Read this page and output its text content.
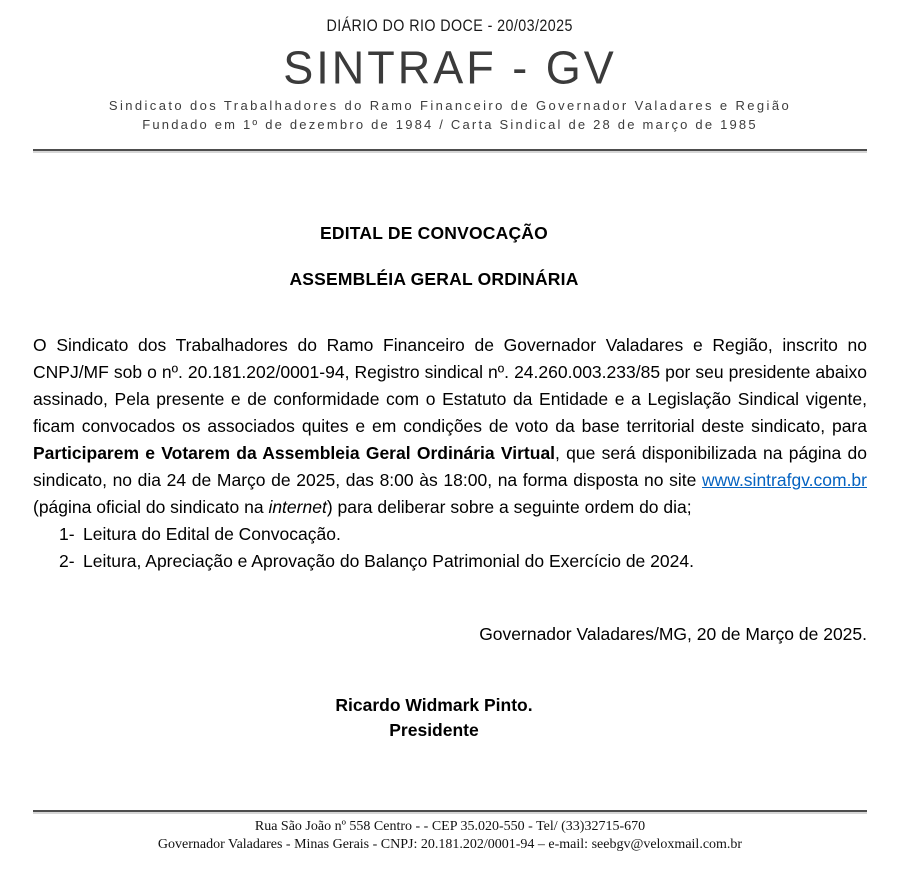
DIÁRIO DO RIO DOCE - 20/03/2025
SINTRAF - GV
Sindicato dos Trabalhadores do Ramo Financeiro de Governador Valadares e Região
Fundado em 1º de dezembro de 1984 / Carta Sindical de 28 de março de 1985
EDITAL DE CONVOCAÇÃO
ASSEMBLÉIA GERAL ORDINÁRIA
O Sindicato dos Trabalhadores do Ramo Financeiro de Governador Valadares e Região, inscrito no CNPJ/MF sob o nº. 20.181.202/0001-94, Registro sindical nº. 24.260.003.233/85 por seu presidente abaixo assinado, Pela presente e de conformidade com o Estatuto da Entidade e a Legislação Sindical vigente, ficam convocados os associados quites e em condições de voto da base territorial deste sindicato, para Participarem e Votarem da Assembleia Geral Ordinária Virtual, que será disponibilizada na página do sindicato, no dia 24 de Março de 2025, das 8:00 às 18:00, na forma disposta no site www.sintrafgv.com.br (página oficial do sindicato na internet) para deliberar sobre a seguinte ordem do dia;
1- Leitura do Edital de Convocação.
2- Leitura, Apreciação e Aprovação do Balanço Patrimonial do Exercício de 2024.
Governador Valadares/MG, 20 de Março de 2025.
Ricardo Widmark Pinto.
Presidente
Rua São João nº 558 Centro - - CEP 35.020-550 - Tel/ (33)32715-670
Governador Valadares - Minas Gerais - CNPJ: 20.181.202/0001-94 – e-mail: seebgv@veloxmail.com.br
